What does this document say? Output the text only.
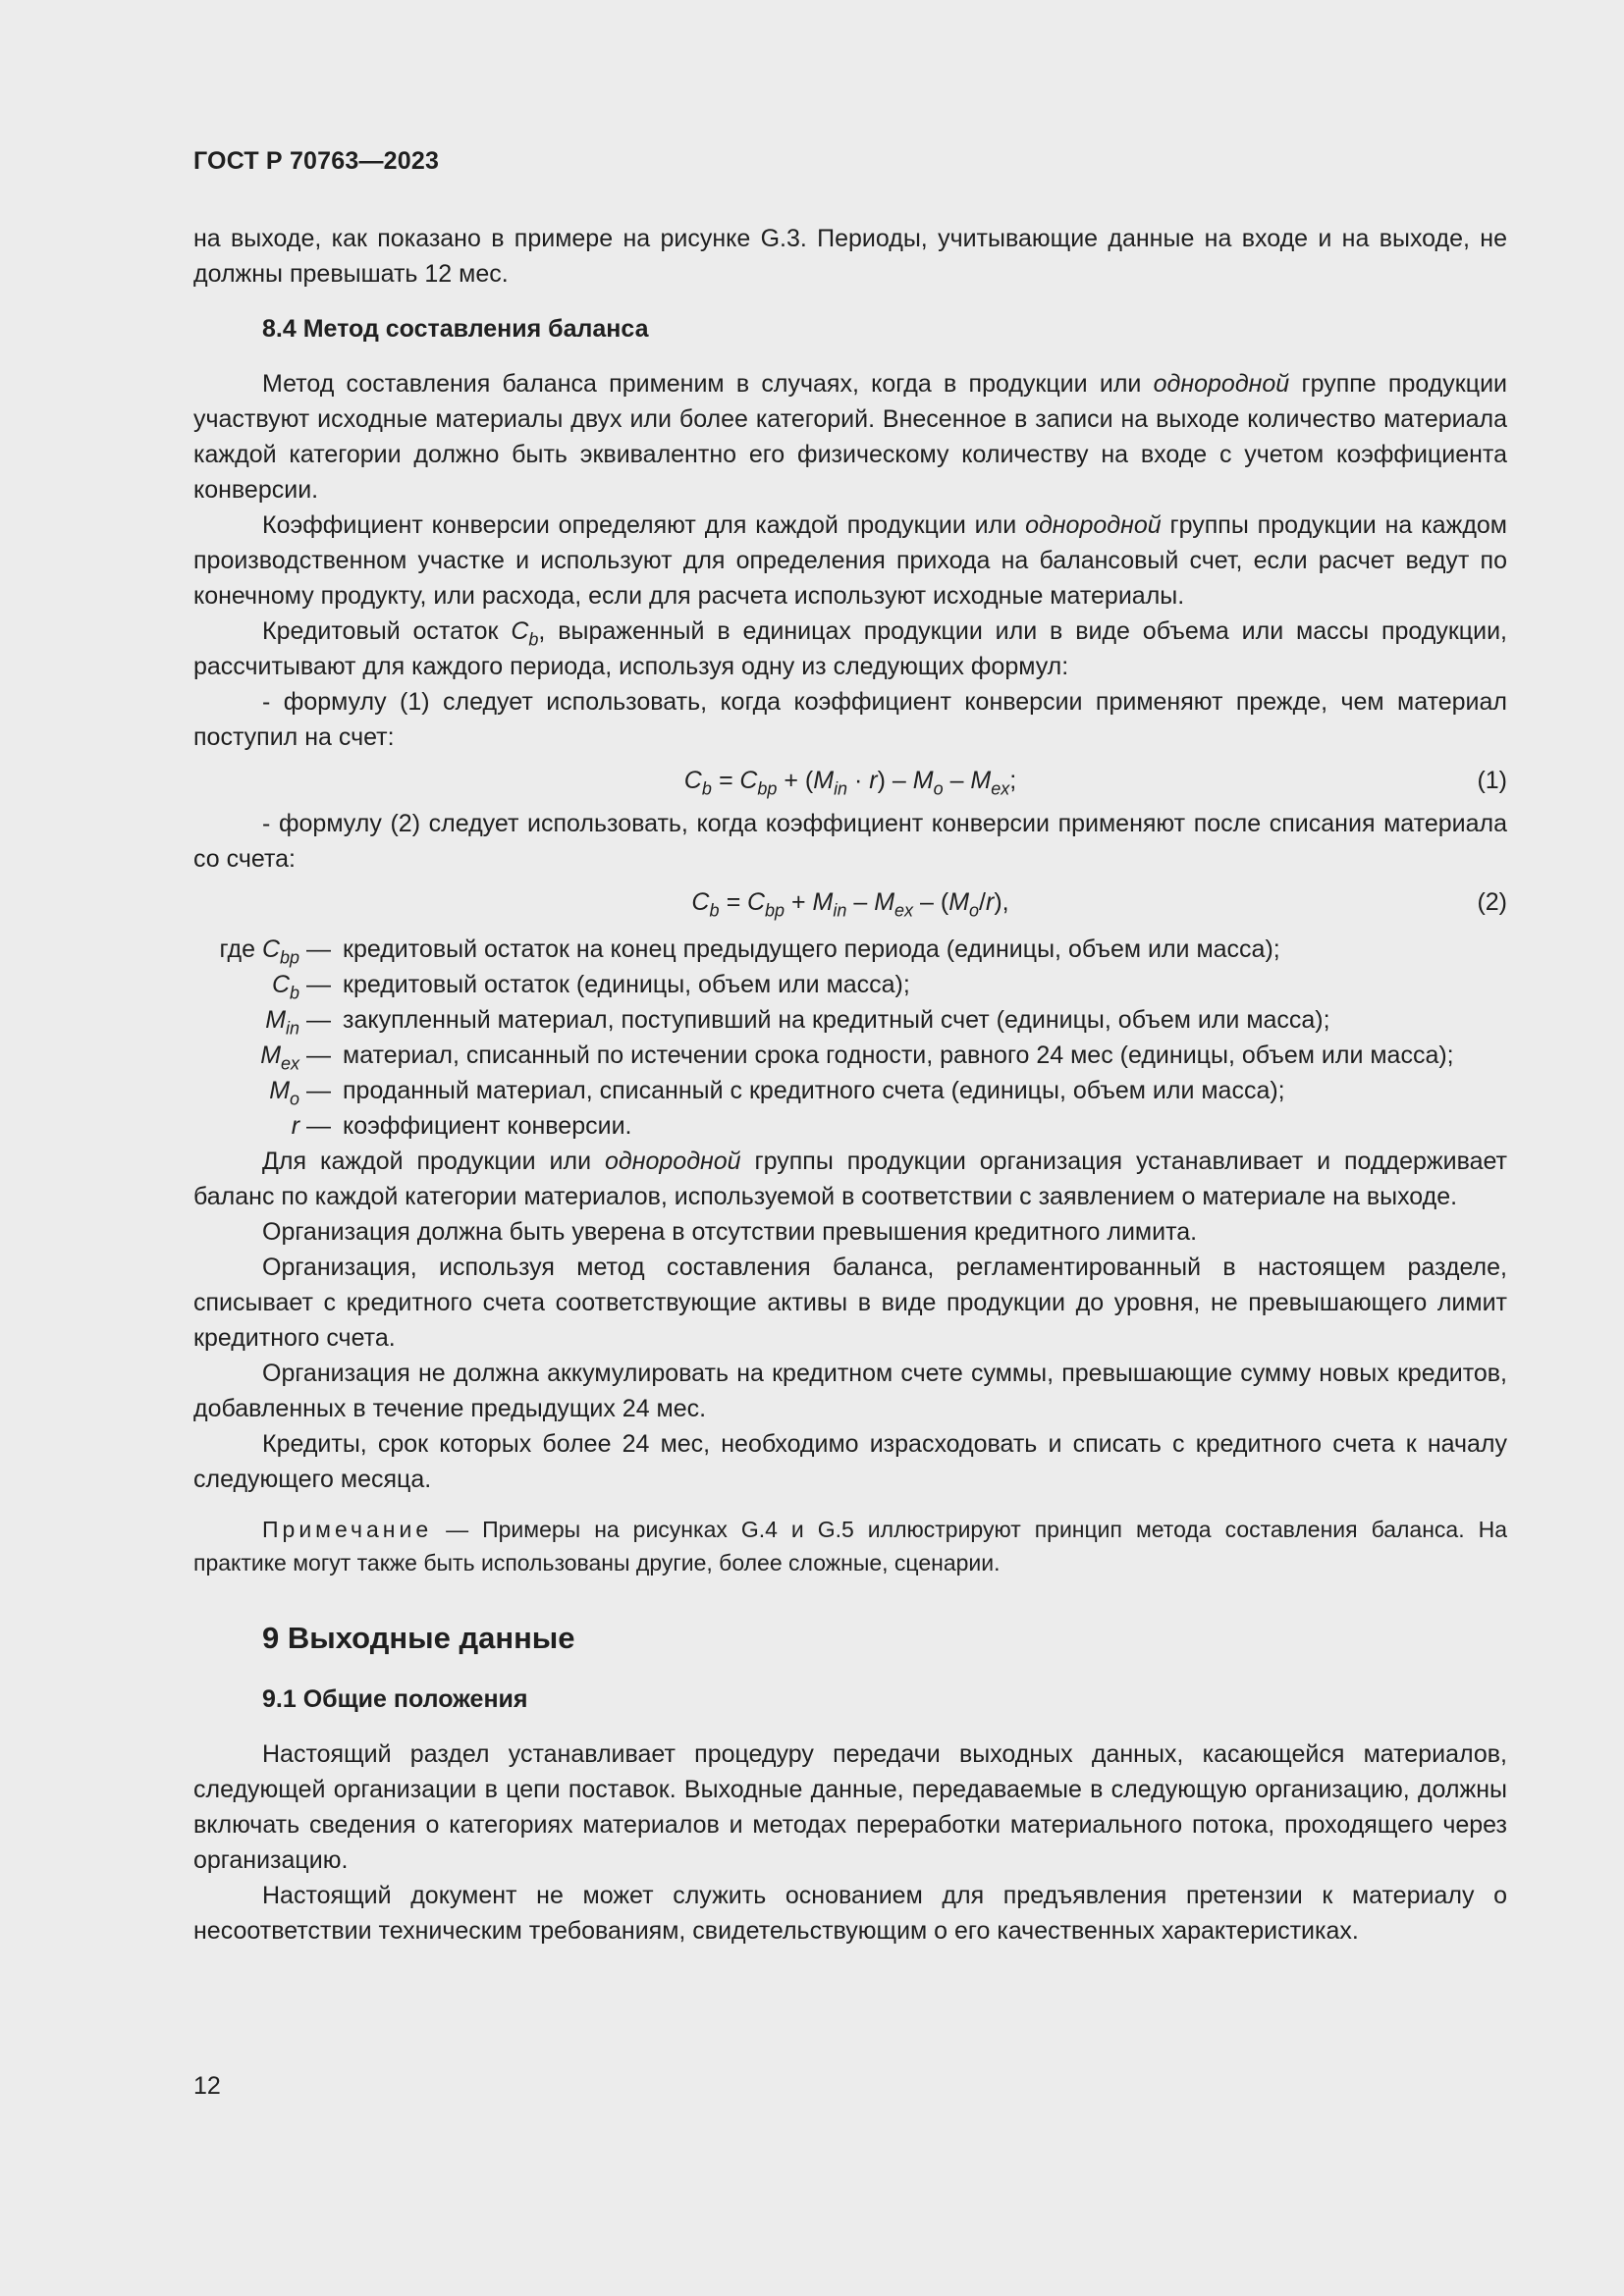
ГОСТ Р 70763—2023

на выходе, как показано в примере на рисунке G.3. Периоды, учитывающие данные на входе и на выходе, не должны превышать 12 мес.

8.4 Метод составления баланса

Метод составления баланса применим в случаях, когда в продукции или однородной группе продукции участвуют исходные материалы двух или более категорий. Внесенное в записи на выходе количество материала каждой категории должно быть эквивалентно его физическому количеству на входе с учетом коэффициента конверсии.

Коэффициент конверсии определяют для каждой продукции или однородной группы продукции на каждом производственном участке и используют для определения прихода на балансовый счет, если расчет ведут по конечному продукту, или расхода, если для расчета используют исходные материалы.

Кредитовый остаток $C_b$, выраженный в единицах продукции или в виде объема или массы продукции, рассчитывают для каждого периода, используя одну из следующих формул:

- формулу (1) следует использовать, когда коэффициент конверсии применяют прежде, чем материал поступил на счет:

$C_b = C_{bp} + (M_{in} \cdot r) - M_o - M_{ex}$;	(1)

- формулу (2) следует использовать, когда коэффициент конверсии применяют после списания материала со счета:

$C_b = C_{bp} + M_{in} - M_{ex} - (M_o/r)$,	(2)
где $C_{bp}$ — кредитовый остаток на конец предыдущего периода (единицы, объем или масса);
$C_b$ — кредитовый остаток (единицы, объем или масса);
$M_{in}$ — закупленный материал, поступивший на кредитный счет (единицы, объем или масса);
$M_{ex}$ — материал, списанный по истечении срока годности, равного 24 мес (единицы, объем или масса);
$M_o$ — проданный материал, списанный с кредитного счета (единицы, объем или масса);
r — коэффициент конверсии.

Для каждой продукции или однородной группы продукции организация устанавливает и поддерживает баланс по каждой категории материалов, используемой в соответствии с заявлением о материале на выходе.

Организация должна быть уверена в отсутствии превышения кредитного лимита.

Организация, используя метод составления баланса, регламентированный в настоящем разделе, списывает с кредитного счета соответствующие активы в виде продукции до уровня, не превышающего лимит кредитного счета.

Организация не должна аккумулировать на кредитном счете суммы, превышающие сумму новых кредитов, добавленных в течение предыдущих 24 мес.

Кредиты, срок которых более 24 мес, необходимо израсходовать и списать с кредитного счета к началу следующего месяца.

Примечание — Примеры на рисунках G.4 и G.5 иллюстрируют принцип метода составления баланса. На практике могут также быть использованы другие, более сложные, сценарии.

9 Выходные данные

9.1 Общие положения

Настоящий раздел устанавливает процедуру передачи выходных данных, касающейся материалов, следующей организации в цепи поставок. Выходные данные, передаваемые в следующую организацию, должны включать сведения о категориях материалов и методах переработки материального потока, проходящего через организацию.

Настоящий документ не может служить основанием для предъявления претензии к материалу о несоответствии техническим требованиям, свидетельствующим о его качественных характеристиках.

12
